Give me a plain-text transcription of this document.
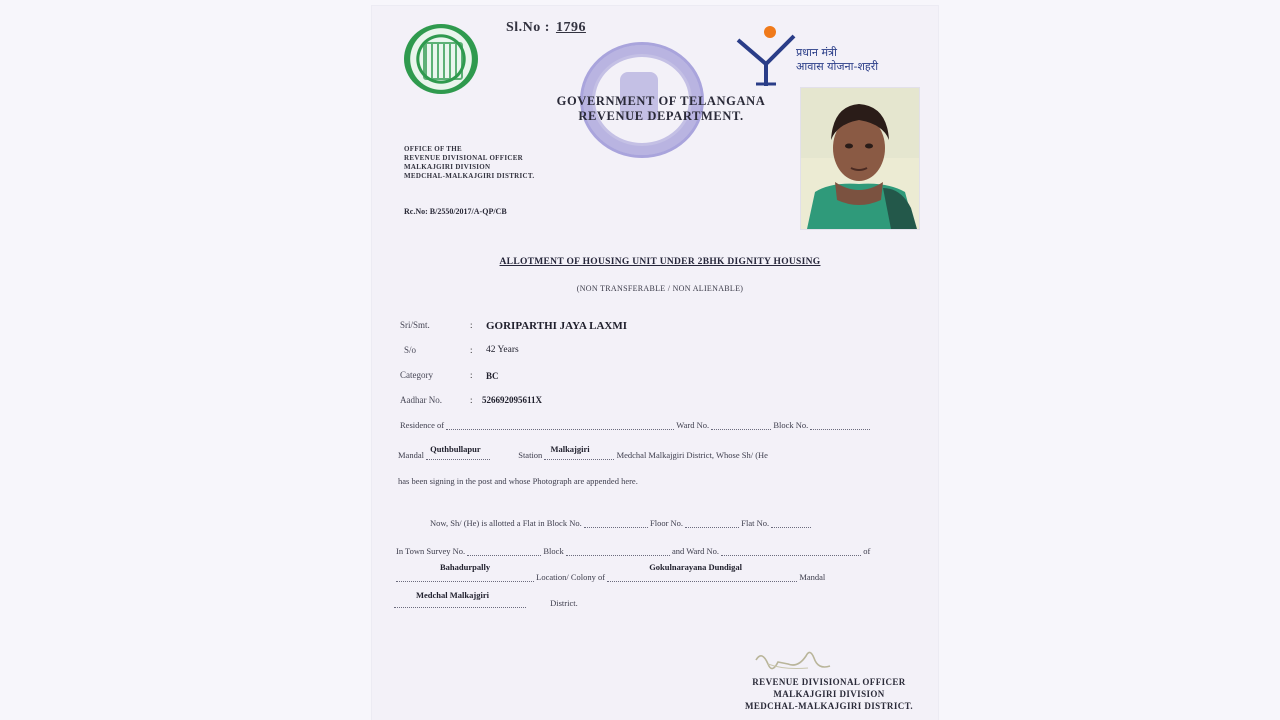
Sl.No : 1796
GOVERNMENT OF TELANGANA
REVENUE DEPARTMENT.
प्रधान मंत्री
आवास योजना-शहरी
OFFICE OF THE
REVENUE DIVISIONAL OFFICER
MALKAJGIRI DIVISION
MEDCHAL-MALKAJGIRI DISTRICT.
Rc.No: B/2550/2017/A-QP/CB
ALLOTMENT OF HOUSING UNIT UNDER 2BHK DIGNITY HOUSING
(NON TRANSFERABLE / NON ALIENABLE)
Sri/Smt.	: GORIPARTHI JAYA LAXMI
S/o	: 42 Years
Category	: BC
Aadhar No.	: 526692095611X
Residence of	Ward No.	Block No.
Mandal
Quthbullapur
Station
Malkajgiri
Medchal Malkajgiri District, Whose Sh/ (He
has been signing in the post and whose Photograph are appended here.
Now, Sh/ (He) is allotted a Flat in Block No.	Floor No.	Flat No.
In Town Survey No.	Block	and Ward No.	of
Bahadurpally
Location/ Colony of
Gokulnarayana Dundigal
Mandal
Medchal Malkajgiri
District.
REVENUE DIVISIONAL OFFICER
MALKAJGIRI DIVISION
MEDCHAL-MALKAJGIRI DISTRICT.
